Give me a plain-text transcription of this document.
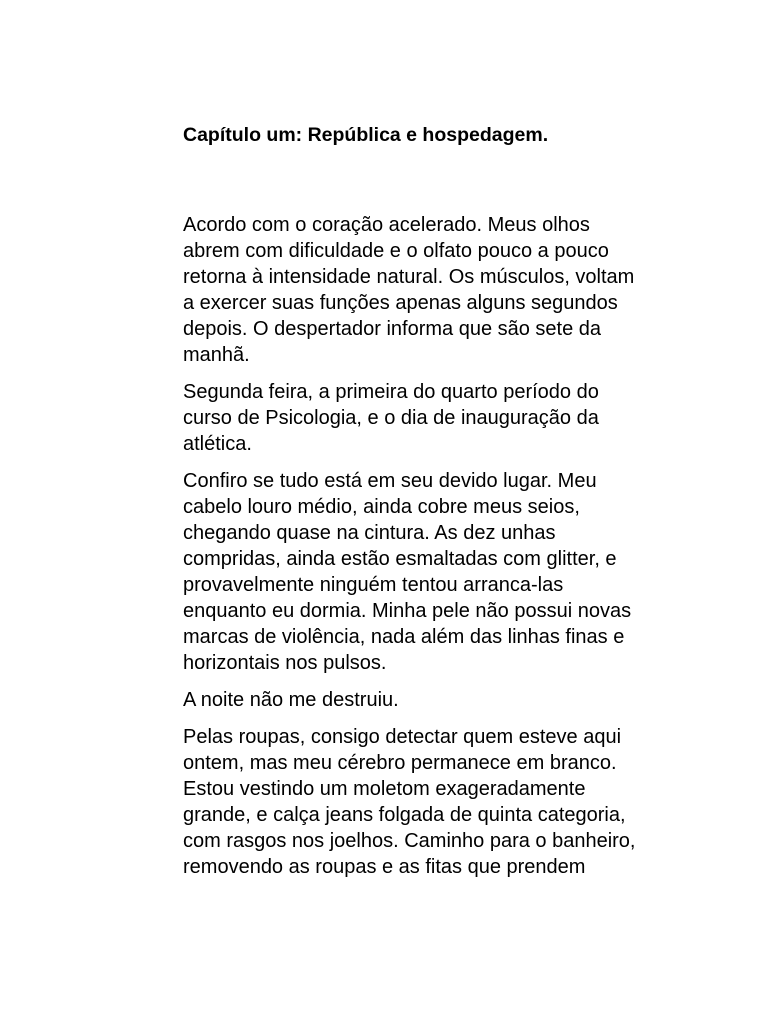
Capítulo um: República e hospedagem.

Acordo com o coração acelerado. Meus olhos abrem com dificuldade e o olfato pouco a pouco retorna à intensidade natural. Os músculos, voltam a exercer suas funções apenas alguns segundos depois. O despertador informa que são sete da manhã.

Segunda feira, a primeira do quarto período do curso de Psicologia, e o dia de inauguração da atlética.

Confiro se tudo está em seu devido lugar. Meu cabelo louro médio, ainda cobre meus seios, chegando quase na cintura. As dez unhas compridas, ainda estão esmaltadas com glitter, e provavelmente ninguém tentou arranca-las enquanto eu dormia. Minha pele não possui novas marcas de violência, nada além das linhas finas e horizontais nos pulsos.

A noite não me destruiu.

Pelas roupas, consigo detectar quem esteve aqui ontem, mas meu cérebro permanece em branco. Estou vestindo um moletom exageradamente grande, e calça jeans folgada de quinta categoria, com rasgos nos joelhos. Caminho para o banheiro, removendo as roupas e as fitas que prendem
